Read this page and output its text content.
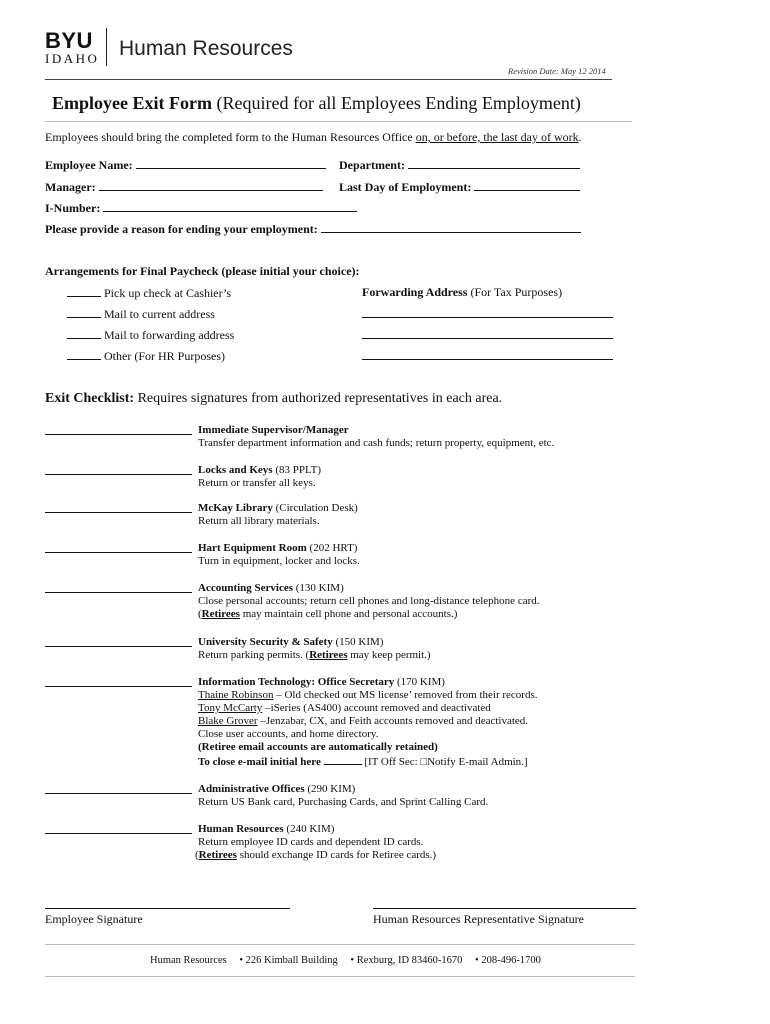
BYU
IDAHO Human Resources
Revision Date: May 12 2014
Employee Exit Form (Required for all Employees Ending Employment)
Employees should bring the completed form to the Human Resources Office on, or before, the last day of work.
Employee Name:	Department:
Manager:	Last Day of Employment:
I-Number:
Please provide a reason for ending your employment:
Arrangements for Final Paycheck (please initial your choice):
Pick up check at Cashier’s
Mail to current address
Mail to forwarding address
Other (For HR Purposes)
Forwarding Address (For Tax Purposes)
Exit Checklist: Requires signatures from authorized representatives in each area.
Immediate Supervisor/Manager
Transfer department information and cash funds; return property, equipment, etc.
Locks and Keys (83 PPLT)
Return or transfer all keys.
McKay Library (Circulation Desk)
Return all library materials.
Hart Equipment Room (202 HRT)
Turn in equipment, locker and locks.
Accounting Services (130 KIM)
Close personal accounts; return cell phones and long-distance telephone card.
(Retirees may maintain cell phone and personal accounts.)
University Security & Safety (150 KIM)
Return parking permits. (Retirees may keep permit.)
Information Technology: Office Secretary (170 KIM)
Thaine Robinson – Old checked out MS license’ removed from their records.
Tony McCarty –iSeries (AS400) account removed and deactivated
Blake Grover –Jenzabar, CX, and Feith accounts removed and deactivated.
Close user accounts, and home directory.
(Retiree email accounts are automatically retained)
To close e-mail initial here	[IT Off Sec: □Notify E-mail Admin.]
Administrative Offices (290 KIM)
Return US Bank card, Purchasing Cards, and Sprint Calling Card.
Human Resources (240 KIM)
Return employee ID cards and dependent ID cards.
(Retirees should exchange ID cards for Retiree cards.)
Employee Signature	Human Resources Representative Signature
Human Resources • 226 Kimball Building • Rexburg, ID 83460-1670 • 208-496-1700
